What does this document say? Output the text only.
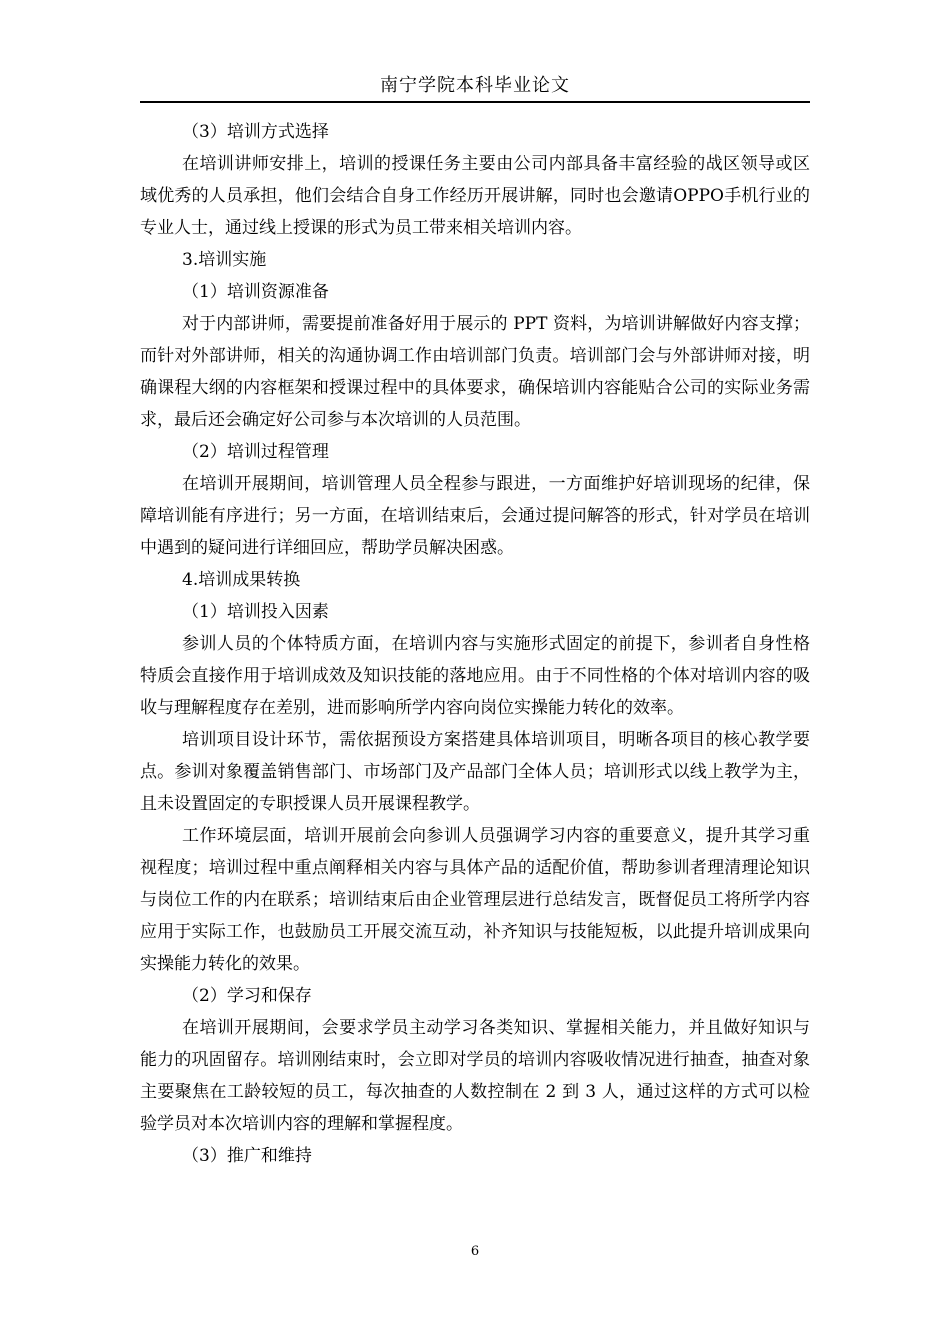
南宁学院本科毕业论文

（3）培训方式选择

在培训讲师安排上，培训的授课任务主要由公司内部具备丰富经验的战区领导或区域优秀的人员承担，他们会结合自身工作经历开展讲解，同时也会邀请OPPO手机行业的专业人士，通过线上授课的形式为员工带来相关培训内容。

3.培训实施

（1）培训资源准备

对于内部讲师，需要提前准备好用于展示的 PPT 资料，为培训讲解做好内容支撑；而针对外部讲师，相关的沟通协调工作由培训部门负责。培训部门会与外部讲师对接，明确课程大纲的内容框架和授课过程中的具体要求，确保培训内容能贴合公司的实际业务需求，最后还会确定好公司参与本次培训的人员范围。

（2）培训过程管理

在培训开展期间，培训管理人员全程参与跟进，一方面维护好培训现场的纪律，保障培训能有序进行；另一方面，在培训结束后，会通过提问解答的形式，针对学员在培训中遇到的疑问进行详细回应，帮助学员解决困惑。

4.培训成果转换

（1）培训投入因素

参训人员的个体特质方面，在培训内容与实施形式固定的前提下，参训者自身性格特质会直接作用于培训成效及知识技能的落地应用。由于不同性格的个体对培训内容的吸收与理解程度存在差别，进而影响所学内容向岗位实操能力转化的效率。

培训项目设计环节，需依据预设方案搭建具体培训项目，明晰各项目的核心教学要点。参训对象覆盖销售部门、市场部门及产品部门全体人员；培训形式以线上教学为主，且未设置固定的专职授课人员开展课程教学。

工作环境层面，培训开展前会向参训人员强调学习内容的重要意义，提升其学习重视程度；培训过程中重点阐释相关内容与具体产品的适配价值，帮助参训者理清理论知识与岗位工作的内在联系；培训结束后由企业管理层进行总结发言，既督促员工将所学内容应用于实际工作，也鼓励员工开展交流互动，补齐知识与技能短板，以此提升培训成果向实操能力转化的效果。

（2）学习和保存

在培训开展期间，会要求学员主动学习各类知识、掌握相关能力，并且做好知识与能力的巩固留存。培训刚结束时，会立即对学员的培训内容吸收情况进行抽查，抽查对象主要聚焦在工龄较短的员工，每次抽查的人数控制在 2 到 3 人，通过这样的方式可以检验学员对本次培训内容的理解和掌握程度。

（3）推广和维持

6
